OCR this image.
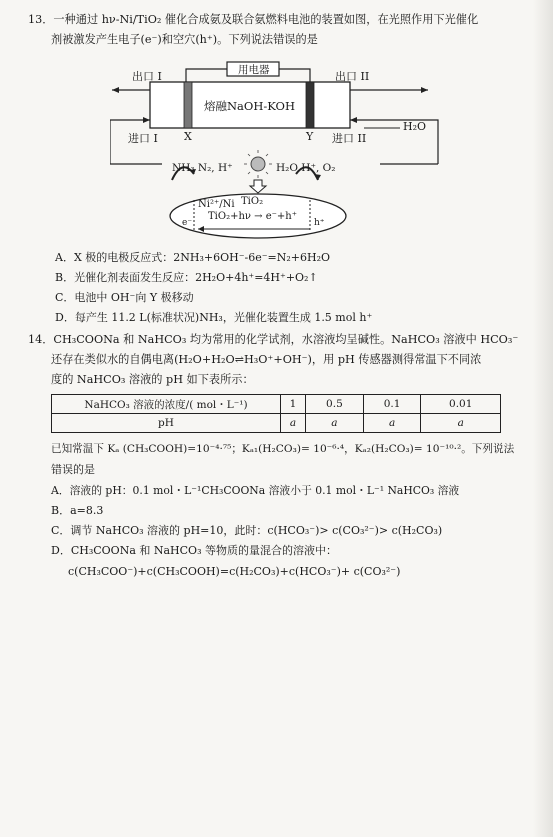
13．一种通过 hν-Ni/TiO₂ 催化合成氨及联合氨燃料电池的装置如图，在光照作用下光催化
剂被激发产生电子(e⁻)和空穴(h⁺)。下列说法错误的是
用电器
出口 I	出口 II
进口 I	进口 II
熔融NaOH-KOH
X	Y
H₂O
NH₃ N₂, H⁺	H₂O H⁺, O₂
Ni²⁺/Ni TiO₂
TiO₂+hν → e⁻+h⁺
e⁻	h⁺
A．X 极的电极反应式：2NH₃+6OH⁻-6e⁻=N₂+6H₂O
B．光催化剂表面发生反应：2H₂O+4h⁺=4H⁺+O₂↑
C．电池中 OH⁻向 Y 极移动
D．每产生 11.2 L(标准状况)NH₃，光催化装置生成 1.5 mol h⁺
14．CH₃COONa 和 NaHCO₃ 均为常用的化学试剂，水溶液均呈碱性。NaHCO₃ 溶液中 HCO₃⁻
还存在类似水的自偶电离(H₂O+H₂O⇌H₃O⁺+OH⁻)，用 pH 传感器测得常温下不同浓
度的 NaHCO₃ 溶液的 pH 如下表所示：
NaHCO₃ 溶液的浓度/( mol・L⁻¹)	1	0.5	0.1	0.01
pH	a	a	a	a
已知常温下 Kₐ (CH₃COOH)=10⁻⁴·⁷⁵；Kₐ₁(H₂CO₃)= 10⁻⁶·⁴，Kₐ₂(H₂CO₃)= 10⁻¹⁰·²。下列说法
错误的是
A．溶液的 pH：0.1 mol・L⁻¹CH₃COONa 溶液小于 0.1 mol・L⁻¹ NaHCO₃ 溶液
B．a=8.3
C．调节 NaHCO₃ 溶液的 pH=10，此时：c(HCO₃⁻)> c(CO₃²⁻)> c(H₂CO₃)
D．CH₃COONa 和 NaHCO₃ 等物质的量混合的溶液中：
c(CH₃COO⁻)+c(CH₃COOH)=c(H₂CO₃)+c(HCO₃⁻)+ c(CO₃²⁻)
